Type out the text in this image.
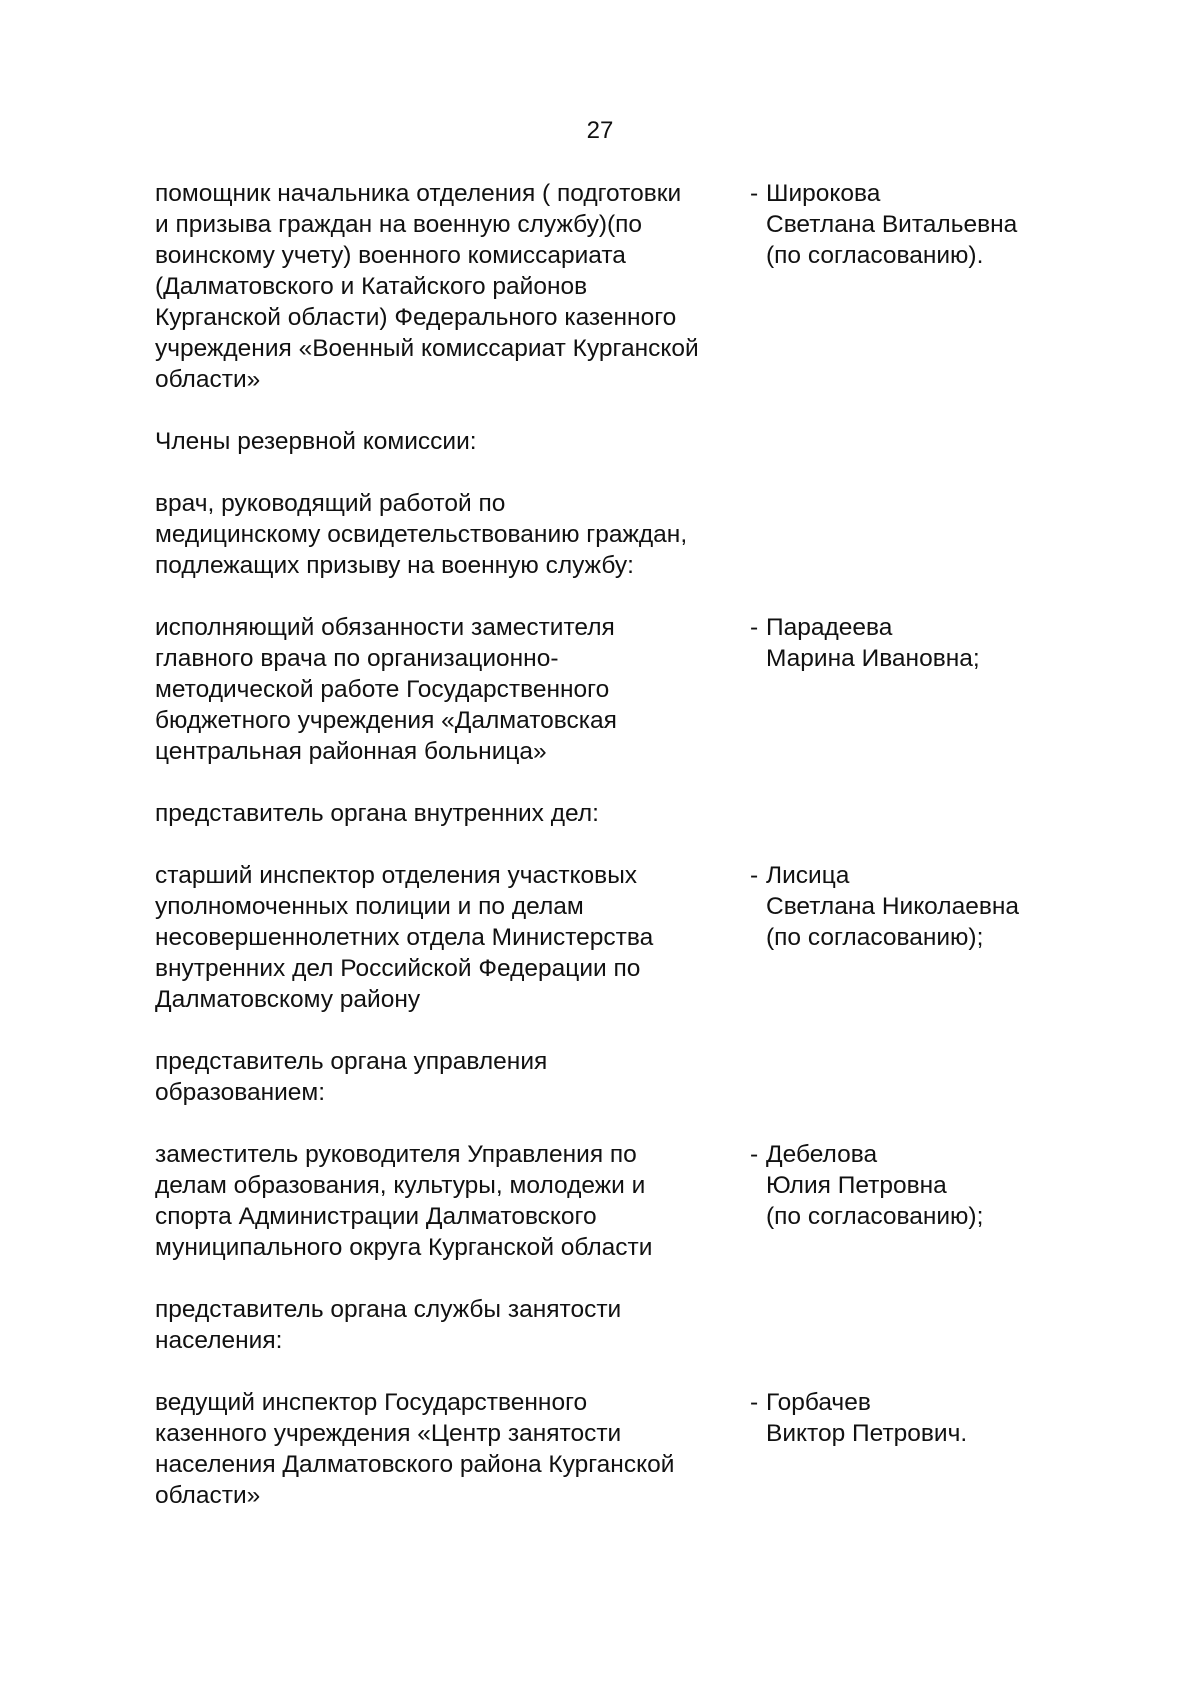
27
помощник начальника отделения ( подготовки
и призыва граждан на военную службу)(по
воинскому учету) военного комиссариата
(Далматовского и Катайского районов
Курганской области) Федерального казенного
учреждения «Военный комиссариат Курганской
области»
- Широкова
Светлана Витальевна
(по согласованию).
Члены резервной комиссии:
врач, руководящий работой по
медицинскому освидетельствованию граждан,
подлежащих призыву на военную службу:
исполняющий обязанности заместителя
главного врача по организационно-
методической работе Государственного
бюджетного учреждения «Далматовская
центральная районная больница»
- Парадеева
Марина Ивановна;
представитель органа внутренних дел:
старший инспектор отделения участковых
уполномоченных полиции и по делам
несовершеннолетних отдела Министерства
внутренних дел Российской Федерации по
Далматовскому району
- Лисица
Светлана Николаевна
(по согласованию);
представитель органа управления
образованием:
заместитель руководителя Управления по
делам образования, культуры, молодежи и
спорта Администрации Далматовского
муниципального округа Курганской области
- Дебелова
Юлия Петровна
(по согласованию);
представитель органа службы занятости
населения:
ведущий инспектор Государственного
казенного учреждения «Центр занятости
населения Далматовского района Курганской
области»
- Горбачев
Виктор Петрович.
